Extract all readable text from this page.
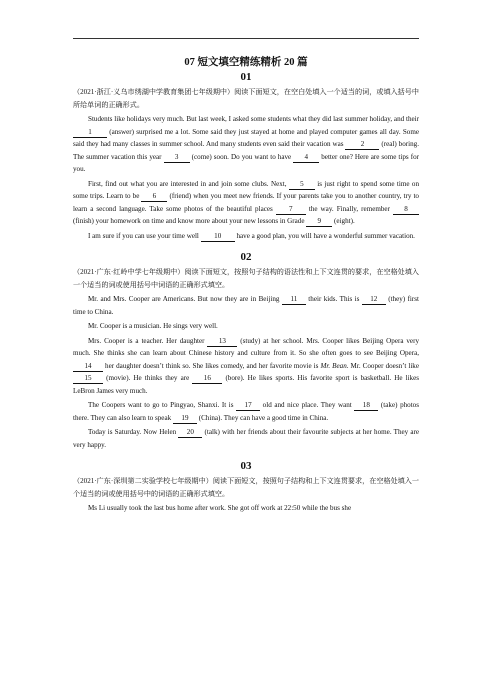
07 短文填空精练精析 20 篇
01

（2021·浙江·义乌市绣湖中学教育集团七年级期中）阅读下面短文，在空白处填入一个适当的词，或填入括号中所给单词的正确形式。

Students like holidays very much. But last week, I asked some students what they did last summer holiday, and their 1 (answer) surprised me a lot. Some said they just stayed at home and played computer games all day. Some said they had many classes in summer school. And many students even said their vacation was 2 (real) boring. The summer vacation this year 3 (come) soon. Do you want to have 4 better one? Here are some tips for you.

First, find out what you are interested in and join some clubs. Next, 5 is just right to spend some time on some trips. Learn to be 6 (friend) when you meet new friends. If your parents take you to another country, try to learn a second language. Take some photos of the beautiful places 7 the way. Finally, remember 8 (finish) your homework on time and know more about your new lessons in Grade 9 (eight).

I am sure if you can use your time well 10 have a good plan, you will have a wonderful summer vacation.

02

（2021·广东·红岭中学七年级期中）阅读下面短文，按照句子结构的语法性和上下文连贯的要求，在空格处填入一个适当的词或使用括号中词语的正确形式填空。

Mr. and Mrs. Cooper are Americans. But now they are in Beijing 11 their kids. This is 12 (they) first time to China.

Mr. Cooper is a musician. He sings very well.

Mrs. Cooper is a teacher. Her daughter 13 (study) at her school. Mrs. Cooper likes Beijing Opera very much. She thinks she can learn about Chinese history and culture from it. So she often goes to see Beijing Opera, 14 her daughter doesn’t think so. She likes comedy, and her favorite movie is Mr. Bean. Mr. Cooper doesn’t like 15 (movie). He thinks they are 16 (bore). He likes sports. His favorite sport is basketball. He likes LeBron James very much.

The Coopers want to go to Pingyao, Shanxi. It is 17 old and nice place. They want 18 (take) photos there. They can also learn to speak 19 (China). They can have a good time in China.

Today is Saturday. Now Helen 20 (talk) with her friends about their favourite subjects at her home. They are very happy.

03

（2021·广东·深圳第二实验学校七年级期中）阅读下面短文，按照句子结构和上下文连贯要求，在空格处填入一个适当的词或使用括号中的词语的正确形式填空。

Ms Li usually took the last bus home after work. She got off work at 22:50 while the bus she
